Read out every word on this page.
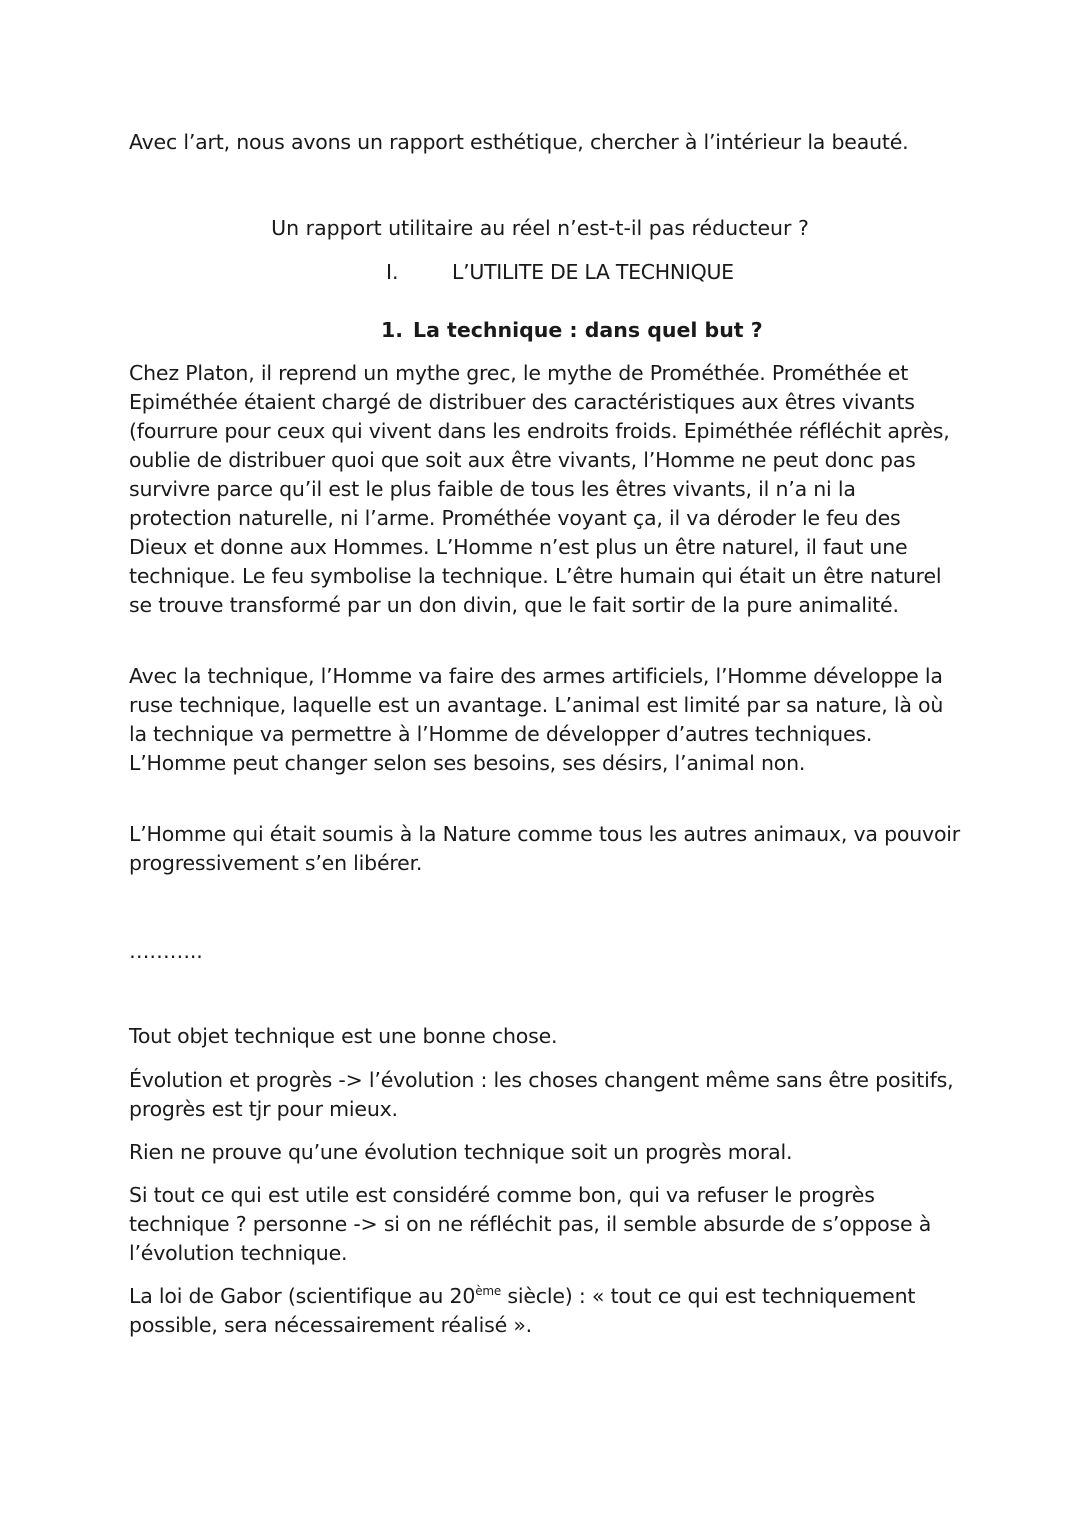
Avec l’art, nous avons un rapport esthétique, chercher à l’intérieur la beauté.

Un rapport utilitaire au réel n’est-t-il pas réducteur ?

I.	L’UTILITE DE LA TECHNIQUE
1. La technique : dans quel but ?

Chez Platon, il reprend un mythe grec, le mythe de Prométhée. Prométhée et Epiméthée étaient chargé de distribuer des caractéristiques aux êtres vivants (fourrure pour ceux qui vivent dans les endroits froids. Epiméthée réfléchit après, oublie de distribuer quoi que soit aux être vivants, l’Homme ne peut donc pas survivre parce qu’il est le plus faible de tous les êtres vivants, il n’a ni la protection naturelle, ni l’arme. Prométhée voyant ça, il va déroder le feu des Dieux et donne aux Hommes. L’Homme n’est plus un être naturel, il faut une technique. Le feu symbolise la technique. L’être humain qui était un être naturel se trouve transformé par un don divin, que le fait sortir de la pure animalité.

Avec la technique, l’Homme va faire des armes artificiels, l’Homme développe la ruse technique, laquelle est un avantage. L’animal est limité par sa nature, là où la technique va permettre à l’Homme de développer d’autres techniques. L’Homme peut changer selon ses besoins, ses désirs, l’animal non.

L’Homme qui était soumis à la Nature comme tous les autres animaux, va pouvoir progressivement s’en libérer.

………..

Tout objet technique est une bonne chose.

Évolution et progrès -> l’évolution : les choses changent même sans être positifs, progrès est tjr pour mieux.

Rien ne prouve qu’une évolution technique soit un progrès moral.

Si tout ce qui est utile est considéré comme bon, qui va refuser le progrès technique ? personne -> si on ne réfléchit pas, il semble absurde de s’oppose à l’évolution technique.

La loi de Gabor (scientifique au 20ème siècle) : « tout ce qui est techniquement possible, sera nécessairement réalisé ».
